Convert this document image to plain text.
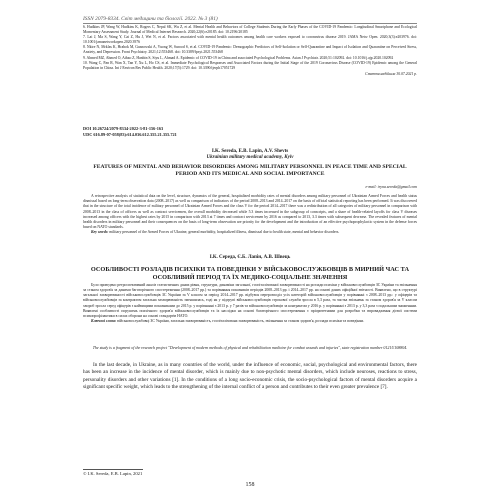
ISSN 2079-8334. Світ медицини та біології. 2022. № 3 (81)

6. Hudkins JP, Wang W, Hudkins K, Rogers C, Nepal SK, Wu Z, et al. Mental Health and Behaviors of College Students During the Early Phases of the COVID-19 Pandemic: Longitudinal Smartphone and Ecological Momentary Assessment Study. Journal of Medical Internet Research. 2020;22(6):e20185. doi: 10.2196/20185

7. Lai J, Ma S, Wang Y, Cai Z, Hu J, Wei N, et al. Factors associated with mental health outcomes among health care workers exposed to coronavirus disease 2019. JAMA Netw Open. 2020;3(3):e203976. doi: 10.1001/jamanetworkopen.2020.3976

8. Nkire N, Mrklas K, Hrabok M, Gusnowski A, Vuong W, Surood S, et al. COVID-19 Pandemic: Demographic Predictors of Self-Isolation or Self-Quarantine and Impact of Isolation and Quarantine on Perceived Stress, Anxiety, and Depression. Front Psychiatry. 2021;12:553468. doi: 10.3389/fpsyt.2021.553468

9. Ahmed MZ, Ahmed O, Aibao Z, Hanbin S, Siyu L, Ahmad A. Epidemic of COVID-19 in China and associated Psychological Problems. Asian J Psychiatr. 2020;51:102092. doi: 10.1016/j.ajp.2020.102092

10. Wang C, Pan R, Wan X, Tan Y, Xu L, Ho CS, et al. Immediate Psychological Responses and Associated Factors during the Initial Stage of the 2019 Coronavirus Disease (COVID-19) Epidemic among the General Population in China. Int J Environ Res Public Health. 2020;17(5):1729. doi: 10.3390/ijerph17051729

Стаття надійшла 30.07.2021 р.

DOI 10.26724/2079-8334-2022-3-81-156-163
UDC 616.89-07-058(83):614.036.612.355.21.355.721
I.K. Sereda, E.B. Lapin, A.V. Shevts
Ukrainian military medical academy, Kyiv
FEATURES OF MENTAL AND BEHAVIOR DISORDERS AMONG MILITARY PERSONNEL IN PEACE TIME AND SPECIAL PERIOD AND ITS MEDICAL AND SOCIAL IMPORTANCE
e-mail: iryna.sereda@gmail.com

A retrospective analysis of statistical data on the level, structure, dynamics of the general, hospitalized morbidity rates of mental disorders among military personnel of Ukrainian Armed Forces and health status dismissal based on long-term observation data (2008–2017) as well as comparison of indicators of the period 2008–2013 and 2014–2017 on the basis of official statistical reporting has been performed. It was discovered that in the structure of the total incidence of military personnel of Ukrainian Armed Forces and the class V for the period 2014–2017 there was a redistribution of all categories of military personnel in comparison with 2008–2013 in the class of officers as well as contract servicemen, the overall morbidity decreased while 5.3 times increased in the subgroup of conscripts, and a share of health-related layoffs for class V diseases increased among officers with the highest rates by 2015 in comparison with 2013 at 7 times and contract servicemen by 2016 as compared to 2013, 3.3 times with subsequent decrease. The revealed features of mental health disorders in military personnel and their consequences on the basis of long-term observation are priority for the development and the introduction of an effective psychoprophylactic system in the defense forces based on NATO standards.

Key words: military personnel of the Armed Forces of Ukraine, general morbidity, hospitalized illness, dismissal due to health state, mental and behavior disorders.

І.К. Середа, Є.Б. Лапін, А.В. Швець
ОСОБЛИВОСТІ РОЗЛАДІВ ПСИХІКИ ТА ПОВЕДІНКИ У ВІЙСЬКОВОСЛУЖБОВЦІВ В МИРНИЙ ЧАС ТА ОСОБЛИВИЙ ПЕРІОД ТА ЇХ МЕДИКО-СОЦІАЛЬНЕ ЗНАЧЕННЯ

Було проведено ретроспективний аналіз статистичних даних рівня, структури, динаміки загальної, госпіталізованої захворюваності на розлади психіки у військовослужбовців ЗС України та звільнення за станом здоров'я за даними багаторічного спостереження (2008–2017 рр.) та порівняння показників періодів 2008–2013 рр. і 2014–2017 рр. на основі даних офіційної звітності. Виявлено, що в структурі загальної захворюваності військовослужбовців ЗС України за V класом за період 2014–2017 рр. відбувся перерозподіл усіх категорій військовослужбовців у порівнянні з 2008–2013 рр.: у офіцерів та військовослужбовців за контрактом загальна захворюваність зменшилась, тоді як у підгрупі військовослужбовців строкової служби зросла в 5,3 раза, та частка звільнень за станом здоров'я за V класом хвороб зросла серед офіцерів з найвищими показниками до 2015 р. у порівнянні з 2013 р. у 7 разів та військовослужбовців за контрактом у 2016 р. у порівнянні з 2013 р. у 3,3 раза з подальшим зниженням. Виявлені особливості порушень психічного здоров'я військовослужбовців та їх наслідки на основі багаторічного спостереження є пріоритетними для розробки та впровадження дієвої системи психопрофілактики в силах оборони на основі стандартів НАТО.

Ключові слова: військовослужбовці ЗС України, загальна захворюваність, госпіталізована захворюваність, звільнення за станом здоров'я, розлади психіки та поведінки.

The study is a fragment of the research project "Development of modern methods of physical and rehabilitation medicine for combat wounds and injuries", state registration number 0121U108804.

In the last decade, in Ukraine, as in many countries of the world, under the influence of economic, social, psychological and environmental factors, there has been an increase in the incidence of mental disorder, which is mainly due to non-psychotic mental disorders, which include neuroses, reactions to stress, personality disorders and other variations [1]. In the conditions of a long socio-economic crisis, the socio-psychological factors of mental disorders acquire a significant specific weight, which leads to the strengthening of the internal conflict of a person and contributes to their even greater prevalence [7].

© I.K. Sereda, E.B. Lapin, 2021
158
